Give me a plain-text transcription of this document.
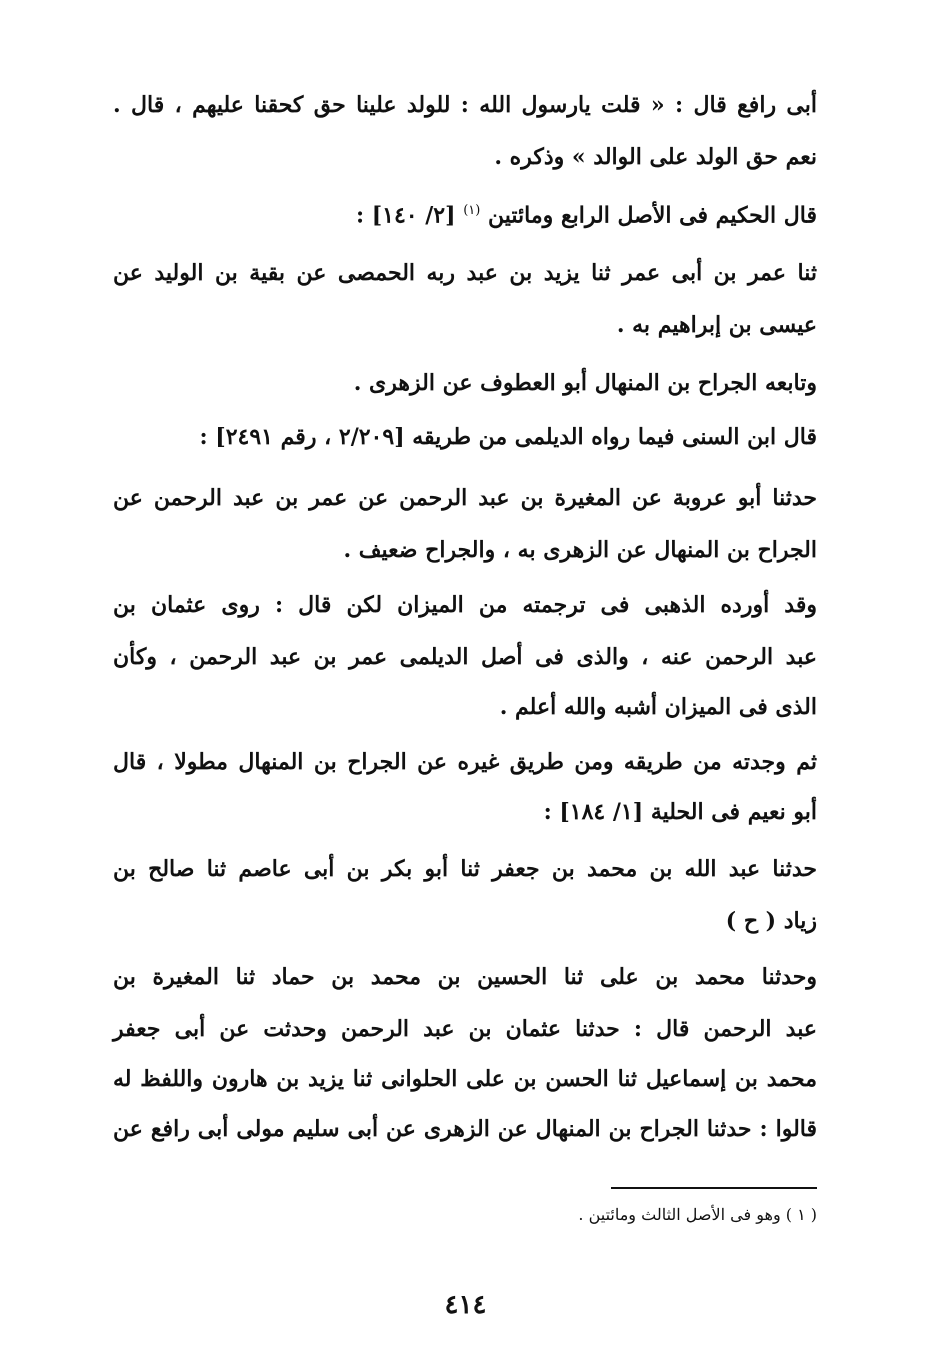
أبى رافع قال : « قلت يارسول الله : للولد علينا حق كحقنا عليهم ، قال .
نعم حق الولد على الوالد » وذكره .
قال الحكيم فى الأصل الرابع ومائتين $^{(١)}$ [٢/ ١٤٠] :
ثنا عمر بن أبى عمر ثنا يزيد بن عبد ربه الحمصى عن بقية بن الوليد عن
عيسى بن إبراهيم به .
وتابعه الجراح بن المنهال أبو العطوف عن الزهرى .
قال ابن السنى فيما رواه الديلمى من طريقه [٢/٢٠٩ ، رقم ٢٤٩١] :
حدثنا أبو عروبة عن المغيرة بن عبد الرحمن عن عمر بن عبد الرحمن عن
الجراح بن المنهال عن الزهرى به ، والجراح ضعيف .
وقد أورده الذهبى فى ترجمته من الميزان لكن قال : روى عثمان بن
عبد الرحمن عنه ، والذى فى أصل الديلمى عمر بن عبد الرحمن ، وكأن
الذى فى الميزان أشبه والله أعلم .
ثم وجدته من طريقه ومن طريق غيره عن الجراح بن المنهال مطولا ، قال
أبو نعيم فى الحلية [١/ ١٨٤] :
حدثنا عبد الله بن محمد بن جعفر ثنا أبو بكر بن أبى عاصم ثنا صالح بن
زياد ( ح )
وحدثنا محمد بن على ثنا الحسين بن محمد بن حماد ثنا المغيرة بن
عبد الرحمن قال : حدثنا عثمان بن عبد الرحمن وحدثت عن أبى جعفر
محمد بن إسماعيل ثنا الحسن بن على الحلوانى ثنا يزيد بن هارون واللفظ له
قالوا : حدثنا الجراح بن المنهال عن الزهرى عن أبى سليم مولى أبى رافع عن
( ١ ) وهو فى الأصل الثالث ومائتين .
٤١٤
